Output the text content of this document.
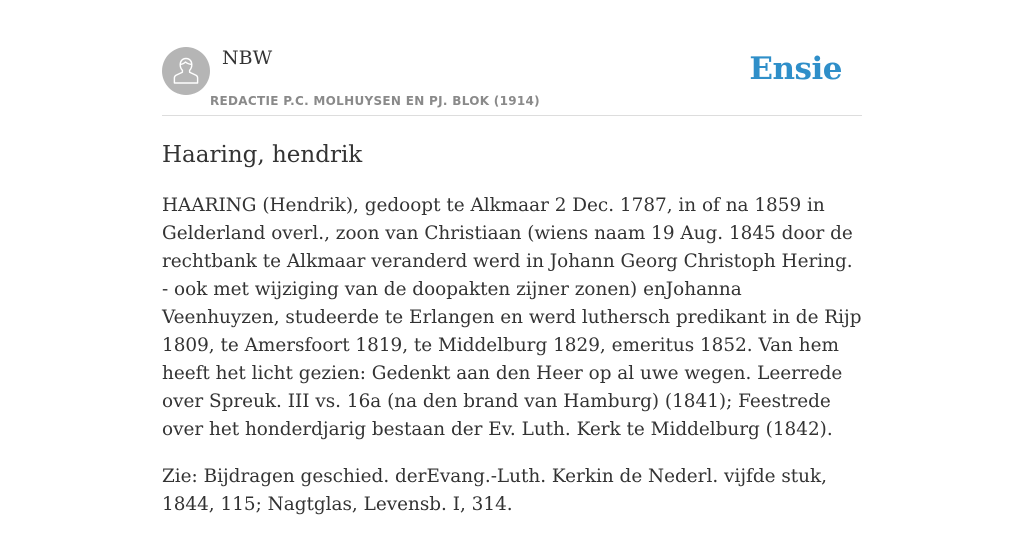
NBW
REDACTIE P.C. MOLHUYSEN EN PJ. BLOK (1914)
Ensie
Haaring, hendrik

HAARING (Hendrik), gedoopt te Alkmaar 2 Dec. 1787, in of na 1859 in Gelderland overl., zoon van Christiaan (wiens naam 19 Aug. 1845 door de rechtbank te Alkmaar veranderd werd in Johann Georg Christoph Hering. - ook met wijziging van de doopakten zijner zonen) enJohanna Veenhuyzen, studeerde te Erlangen en werd luthersch predikant in de Rijp 1809, te Amersfoort 1819, te Middelburg 1829, emeritus 1852. Van hem heeft het licht gezien: Gedenkt aan den Heer op al uwe wegen. Leerrede over Spreuk. III vs. 16a (na den brand van Hamburg) (1841); Feestrede over het honderdjarig bestaan der Ev. Luth. Kerk te Middelburg (1842).

Zie: Bijdragen geschied. derEvang.-Luth. Kerkin de Nederl. vijfde stuk, 1844, 115; Nagtglas, Levensb. I, 314.
